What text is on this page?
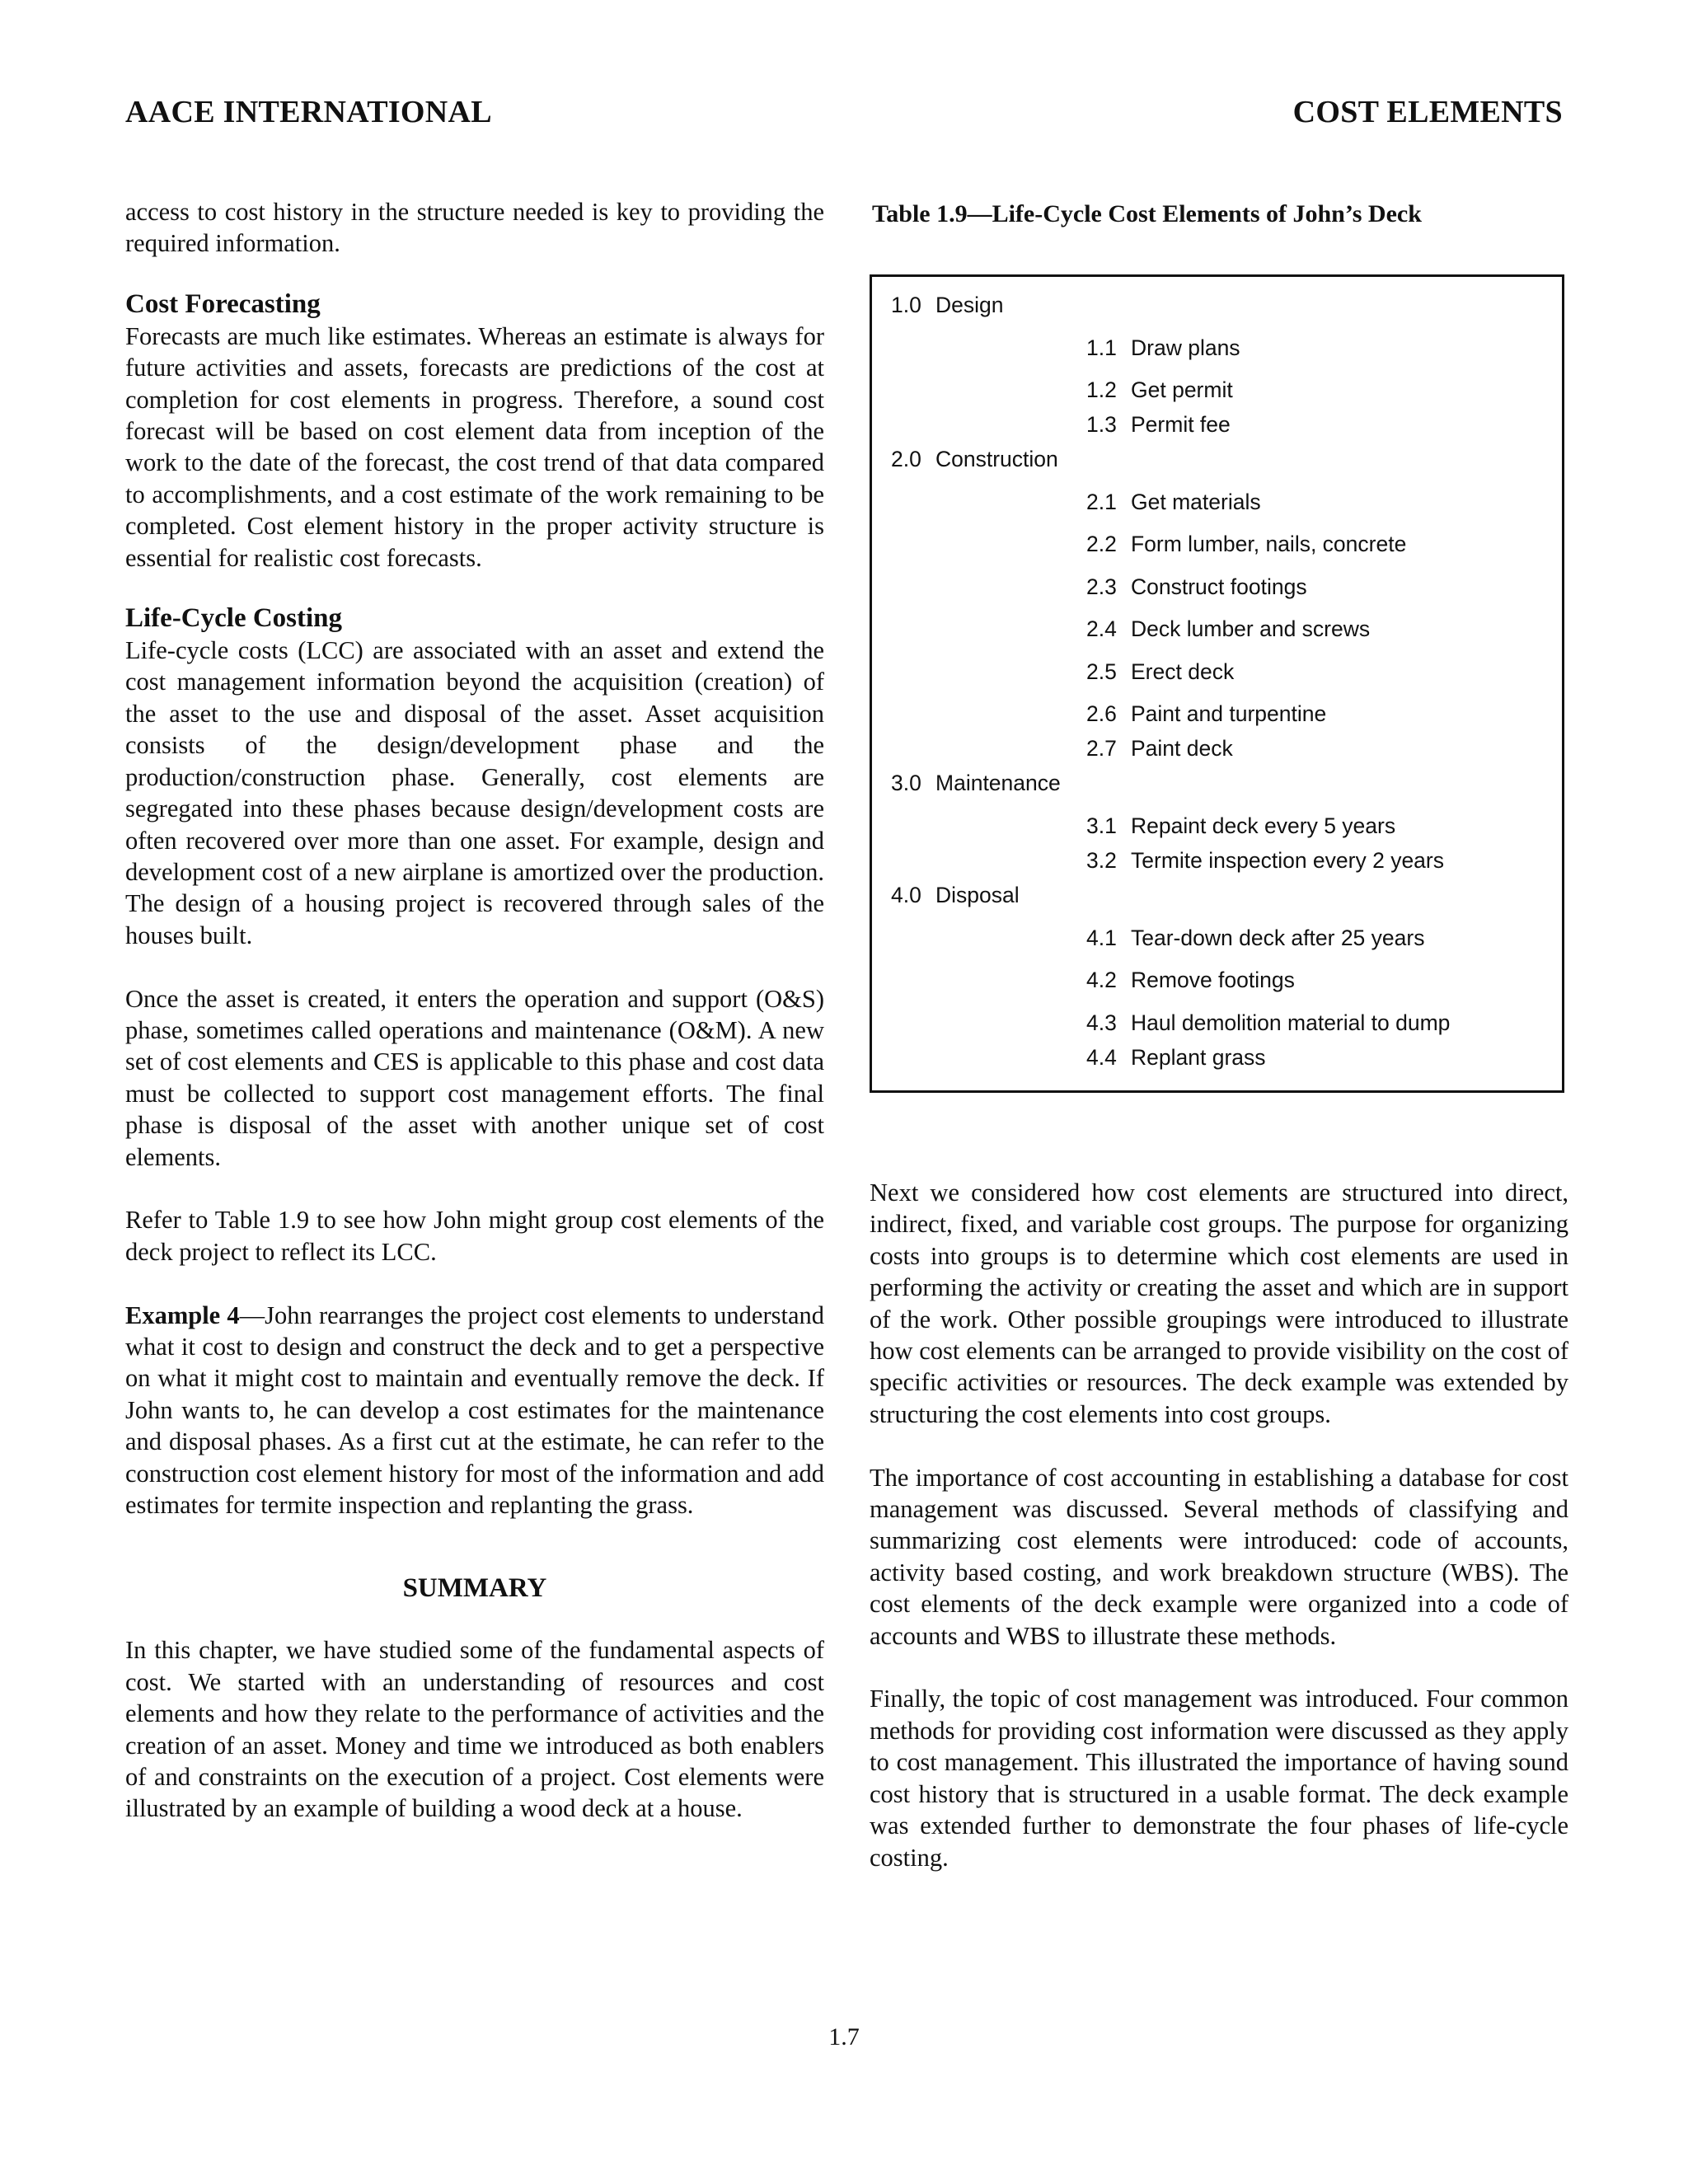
AACE INTERNATIONAL	COST ELEMENTS

access to cost history in the structure needed is key to providing the required information.

Cost Forecasting

Forecasts are much like estimates. Whereas an estimate is always for future activities and assets, forecasts are predictions of the cost at completion for cost elements in progress. Therefore, a sound cost forecast will be based on cost element data from inception of the work to the date of the forecast, the cost trend of that data compared to accomplishments, and a cost estimate of the work remaining to be completed. Cost element history in the proper activity structure is essential for realistic cost forecasts.

Life-Cycle Costing

Life-cycle costs (LCC) are associated with an asset and extend the cost management information beyond the acquisition (creation) of the asset to the use and disposal of the asset. Asset acquisition consists of the design/development phase and the production/construction phase. Generally, cost elements are segregated into these phases because design/development costs are often recovered over more than one asset. For example, design and development cost of a new airplane is amortized over the production. The design of a housing project is recovered through sales of the houses built.

Once the asset is created, it enters the operation and support (O&S) phase, sometimes called operations and maintenance (O&M). A new set of cost elements and CES is applicable to this phase and cost data must be collected to support cost management efforts. The final phase is disposal of the asset with another unique set of cost elements.

Refer to Table 1.9 to see how John might group cost elements of the deck project to reflect its LCC.

Example 4—John rearranges the project cost elements to understand what it cost to design and construct the deck and to get a perspective on what it might cost to maintain and eventually remove the deck. If John wants to, he can develop a cost estimates for the maintenance and disposal phases. As a first cut at the estimate, he can refer to the construction cost element history for most of the information and add estimates for termite inspection and replanting the grass.

SUMMARY

In this chapter, we have studied some of the fundamental aspects of cost. We started with an understanding of resources and cost elements and how they relate to the performance of activities and the creation of an asset. Money and time we introduced as both enablers of and constraints on the execution of a project. Cost elements were illustrated by an example of building a wood deck at a house.

Table 1.9—Life-Cycle Cost Elements of John’s Deck
1.0 Design
1.1 Draw plans
1.2 Get permit
1.3 Permit fee
2.0 Construction
2.1 Get materials
2.2 Form lumber, nails, concrete
2.3 Construct footings
2.4 Deck lumber and screws
2.5 Erect deck
2.6 Paint and turpentine
2.7 Paint deck
3.0 Maintenance
3.1 Repaint deck every 5 years
3.2 Termite inspection every 2 years
4.0 Disposal
4.1 Tear-down deck after 25 years
4.2 Remove footings
4.3 Haul demolition material to dump
4.4 Replant grass

Next we considered how cost elements are structured into direct, indirect, fixed, and variable cost groups. The purpose for organizing costs into groups is to determine which cost elements are used in performing the activity or creating the asset and which are in support of the work. Other possible groupings were introduced to illustrate how cost elements can be arranged to provide visibility on the cost of specific activities or resources. The deck example was extended by structuring the cost elements into cost groups.

The importance of cost accounting in establishing a database for cost management was discussed. Several methods of classifying and summarizing cost elements were introduced: code of accounts, activity based costing, and work breakdown structure (WBS). The cost elements of the deck example were organized into a code of accounts and WBS to illustrate these methods.

Finally, the topic of cost management was introduced. Four common methods for providing cost information were discussed as they apply to cost management. This illustrated the importance of having sound cost history that is structured in a usable format. The deck example was extended further to demonstrate the four phases of life-cycle costing.

1.7
